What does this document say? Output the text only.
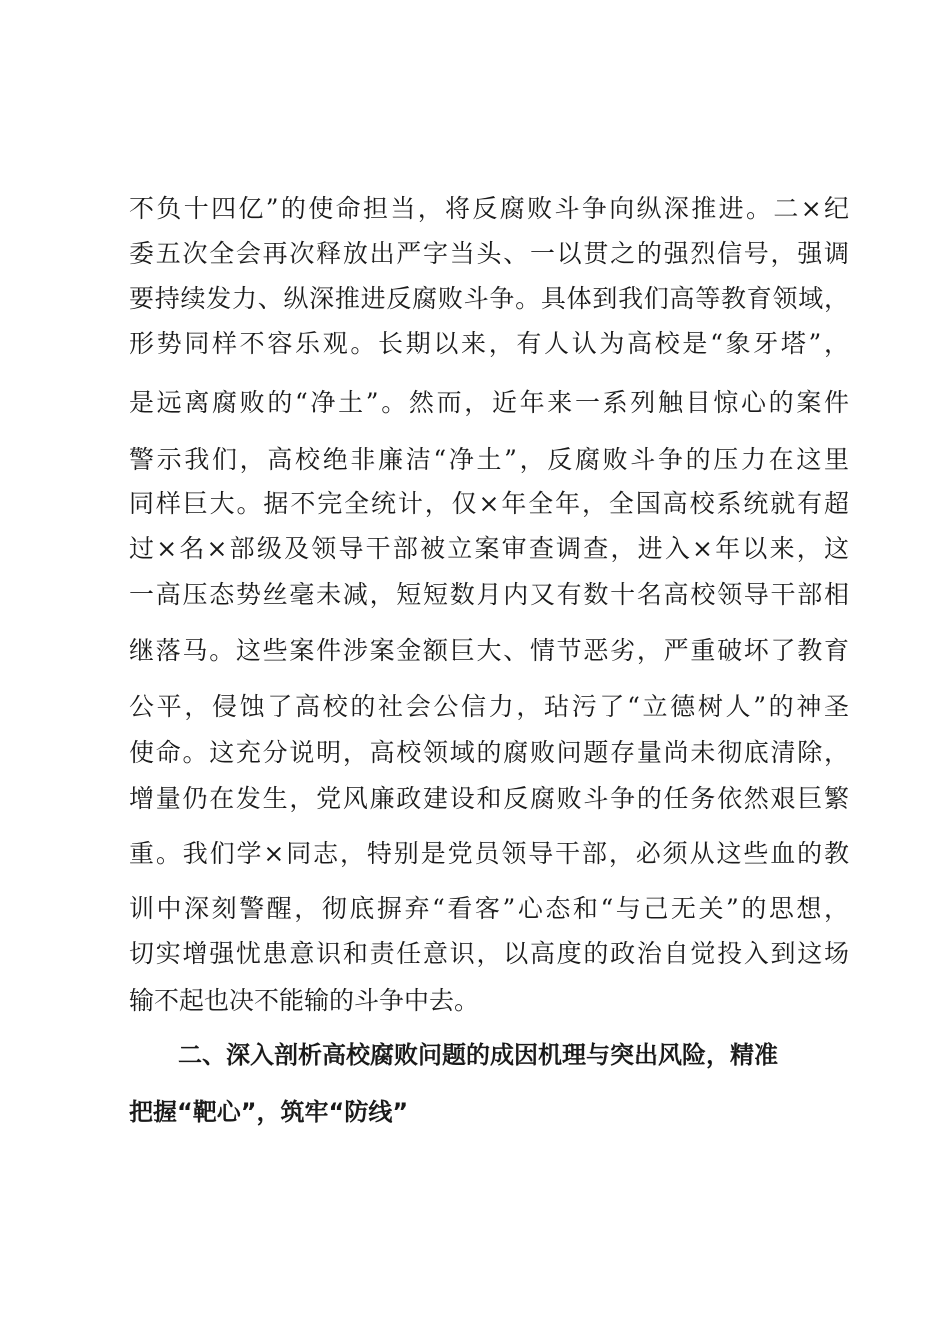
不负十四亿”的使命担当，将反腐败斗争向纵深推进。二×纪
委五次全会再次释放出严字当头、一以贯之的强烈信号，强调
要持续发力、纵深推进反腐败斗争。具体到我们高等教育领域，
形势同样不容乐观。长期以来，有人认为高校是“象牙塔”，
是远离腐败的“净土”。然而，近年来一系列触目惊心的案件
警示我们，高校绝非廉洁“净土”，反腐败斗争的压力在这里
同样巨大。据不完全统计，仅×年全年，全国高校系统就有超
过×名×部级及领导干部被立案审查调查，进入×年以来，这
一高压态势丝毫未减，短短数月内又有数十名高校领导干部相
继落马。这些案件涉案金额巨大、情节恶劣，严重破坏了教育
公平，侵蚀了高校的社会公信力，玷污了“立德树人”的神圣
使命。这充分说明，高校领域的腐败问题存量尚未彻底清除，
增量仍在发生，党风廉政建设和反腐败斗争的任务依然艰巨繁
重。我们学×同志，特别是党员领导干部，必须从这些血的教
训中深刻警醒，彻底摒弃“看客”心态和“与己无关”的思想，
切实增强忧患意识和责任意识，以高度的政治自觉投入到这场
输不起也决不能输的斗争中去。
二、深入剖析高校腐败问题的成因机理与突出风险，精准
把握“靶心”，筑牢“防线”
